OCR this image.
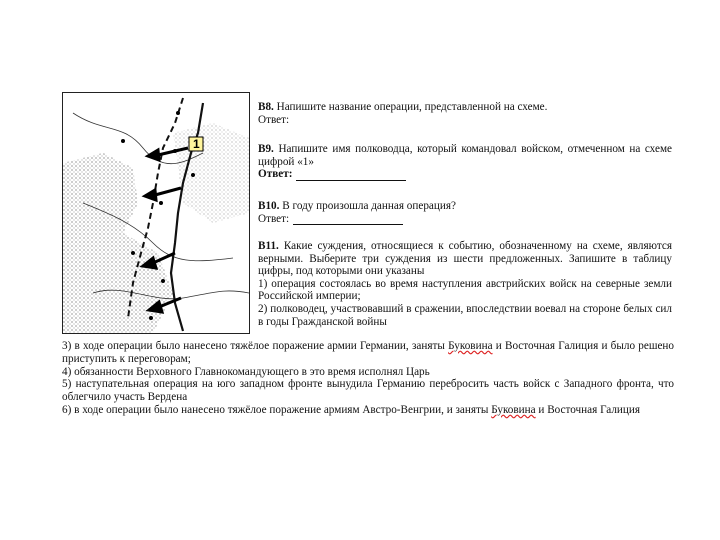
1
В8. Напишите название операции, представленной на схеме.
Ответ:
В9. Напишите имя полководца, который командовал войском, отмеченном на схеме цифрой «1»
Ответ:
В10. В году произошла данная операция?
Ответ:
В11. Какие суждения, относящиеся к событию, обозначенному на схеме, являются верными. Выберите три суждения из шести предложенных. Запишите в таблицу цифры, под которыми они указаны
1) операция состоялась во время наступления австрийских войск на северные земли Российской империи;
2) полководец, участвовавший в сражении, впоследствии воевал на стороне белых сил в годы Гражданской войны
3) в ходе операции было нанесено тяжёлое поражение армии Германии, заняты Буковина и Восточная Галиция и было решено приступить к переговорам;
4) обязанности Верховного Главнокомандующего в это время исполнял Царь
5) наступательная операция на юго западном фронте вынудила Германию перебросить часть войск с Западного фронта, что облегчило участь Вердена
6) в ходе операции было нанесено тяжёлое поражение армиям Австро-Венгрии, и заняты Буковина и Восточная Галиция
